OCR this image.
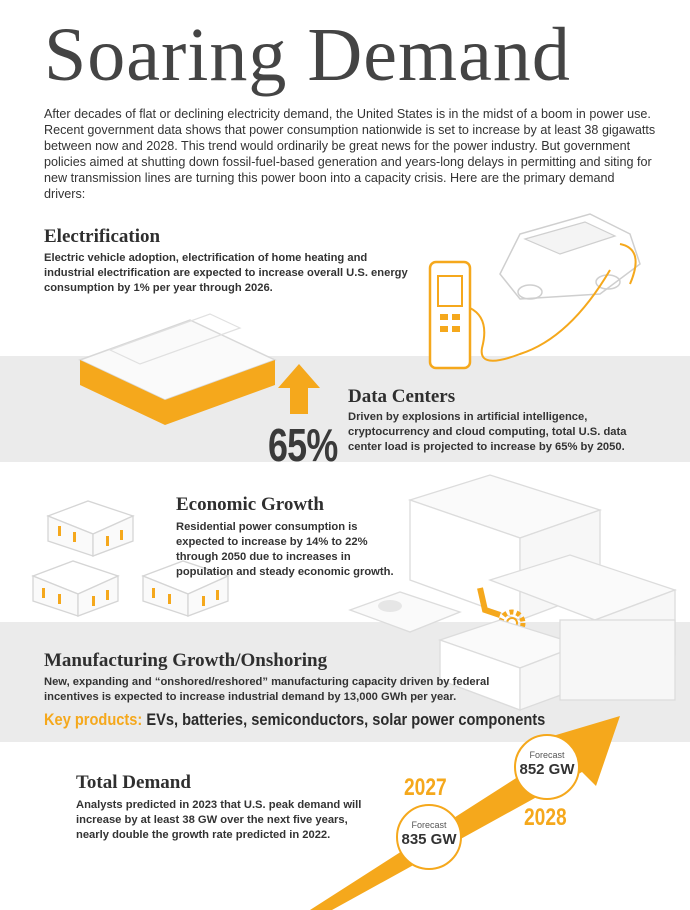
Soaring Demand
After decades of flat or declining electricity demand, the United States is in the midst of a boom in power use. Recent government data shows that power consumption nationwide is set to increase by at least 38 gigawatts between now and 2028. This trend would ordinarily be great news for the power industry. But government policies aimed at shutting down fossil-fuel-based generation and years-long delays in permitting and siting for new transmission lines are turning this power boon into a capacity crisis. Here are the primary demand drivers:
Electrification
Electric vehicle adoption, electrification of home heating and industrial electrification are expected to increase overall U.S. energy consumption by 1% per year through 2026.
65%
Data Centers
Driven by explosions in artificial intelligence, cryptocurrency and cloud computing, total U.S. data center load is projected to increase by 65% by 2050.
Economic Growth
Residential power consumption is expected to increase by 14% to 22% through 2050 due to increases in population and steady economic growth.
Manufacturing Growth/Onshoring
New, expanding and “onshored/reshored” manufacturing capacity driven by federal incentives is expected to increase industrial demand by 13,000 GWh per year.
Key products: EVs, batteries, semiconductors, solar power components
Total Demand
Analysts predicted in 2023 that U.S. peak demand will increase by at least 38 GW over the next five years, nearly double the growth rate predicted in 2022.
2027
2028
Forecast
835 GW
Forecast
852 GW
